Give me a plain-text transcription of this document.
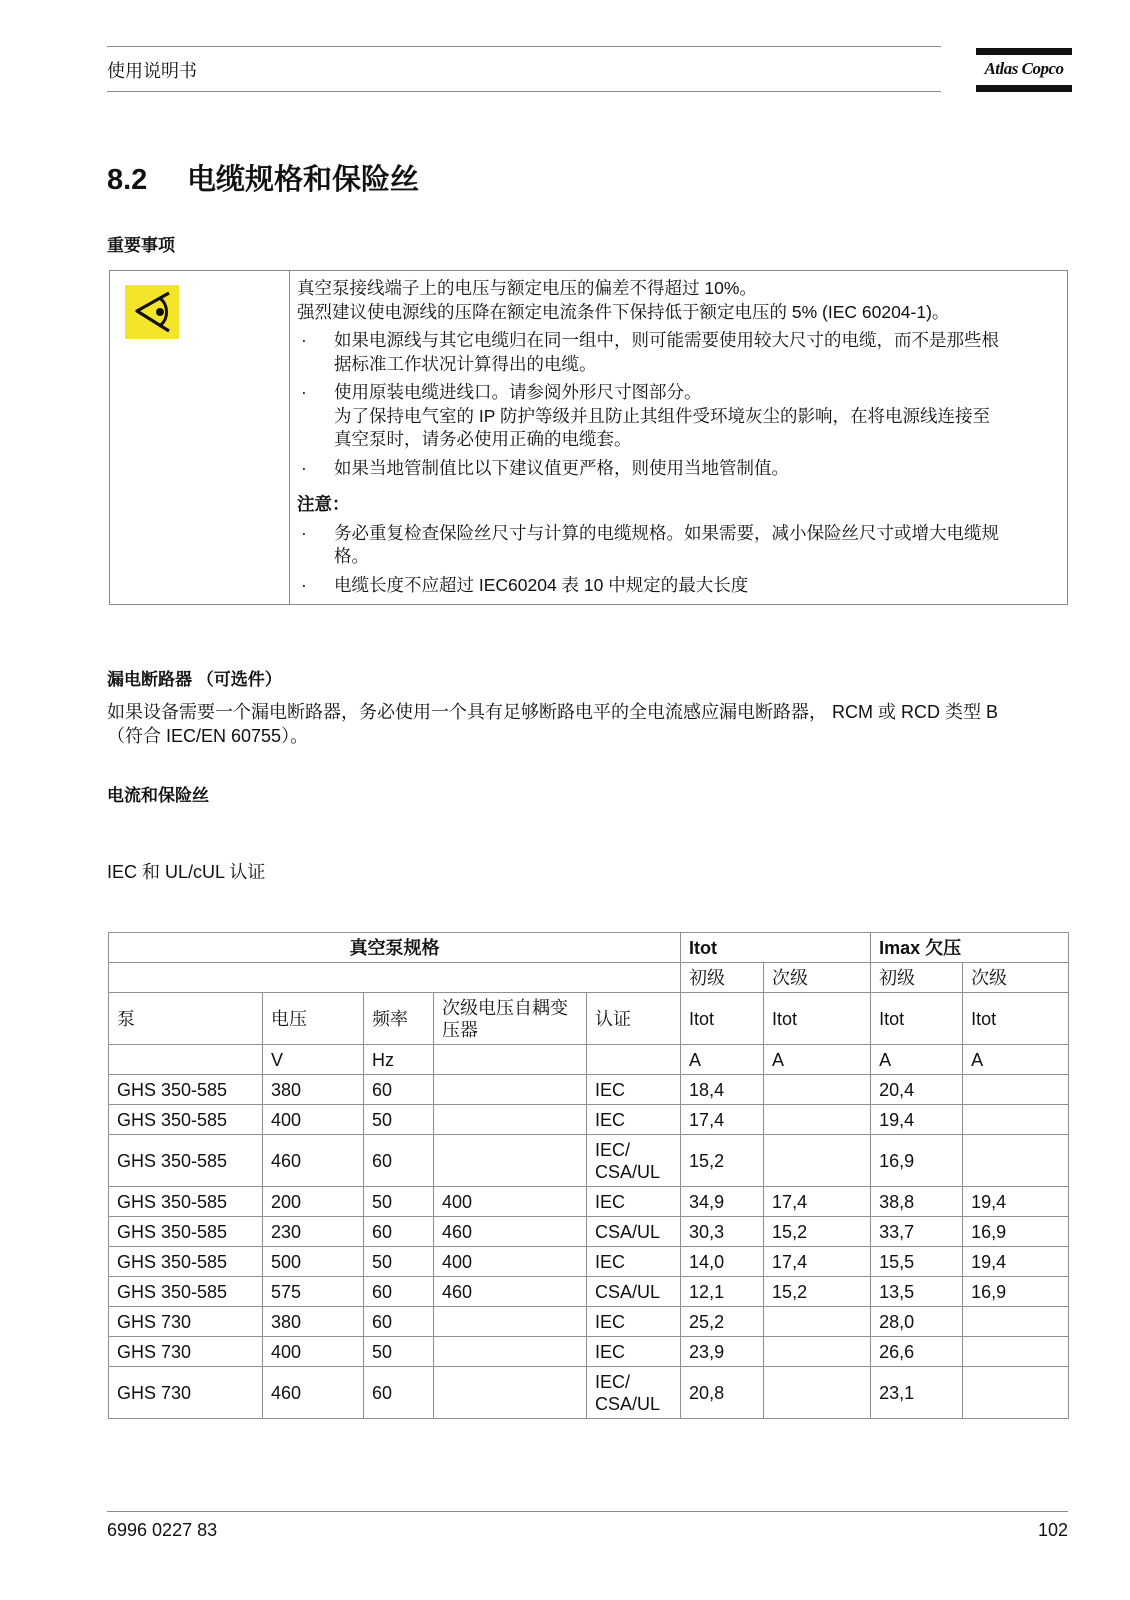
使用说明书	Atlas Copco
8.2 电缆规格和保险丝
重要事项
真空泵接线端子上的电压与额定电压的偏差不得超过 10%。
强烈建议使电源线的压降在额定电流条件下保持低于额定电压的 5% (IEC 60204-1)。
·	如果电源线与其它电缆归在同一组中，则可能需要使用较大尺寸的电缆，而不是那些根
据标准工作状况计算得出的电缆。
·	使用原装电缆进线口。请参阅外形尺寸图部分。
为了保持电气室的 IP 防护等级并且防止其组件受环境灰尘的影响，在将电源线连接至
真空泵时，请务必使用正确的电缆套。
·	如果当地管制值比以下建议值更严格，则使用当地管制值。
注意：
·	务必重复检查保险丝尺寸与计算的电缆规格。如果需要，减小保险丝尺寸或增大电缆规
格。
·	电缆长度不应超过 IEC60204 表 10 中规定的最大长度
漏电断路器 （可选件）
如果设备需要一个漏电断路器，务必使用一个具有足够断路电平的全电流感应漏电断路器， RCM 或 RCD 类型 B
（符合 IEC/EN 60755）。
电流和保险丝
IEC 和 UL/cUL 认证
真空泵规格					Itot		Imax 欠压	
					初级	次级	初级	次级
泵	电压	频率	次级电压自耦变压器	认证	Itot	Itot	Itot	Itot
	V	Hz			A	A	A	A
GHS 350-585	380	60		IEC	18,4		20,4	
GHS 350-585	400	50		IEC	17,4		19,4	
GHS 350-585	460	60		IEC/ CSA/UL	15,2		16,9	
GHS 350-585	200	50	400	IEC	34,9	17,4	38,8	19,4
GHS 350-585	230	60	460	CSA/UL	30,3	15,2	33,7	16,9
GHS 350-585	500	50	400	IEC	14,0	17,4	15,5	19,4
GHS 350-585	575	60	460	CSA/UL	12,1	15,2	13,5	16,9
GHS 730	380	60		IEC	25,2		28,0	
GHS 730	400	50		IEC	23,9		26,6	
GHS 730	460	60		IEC/ CSA/UL	20,8		23,1	
6996 0227 83	102
